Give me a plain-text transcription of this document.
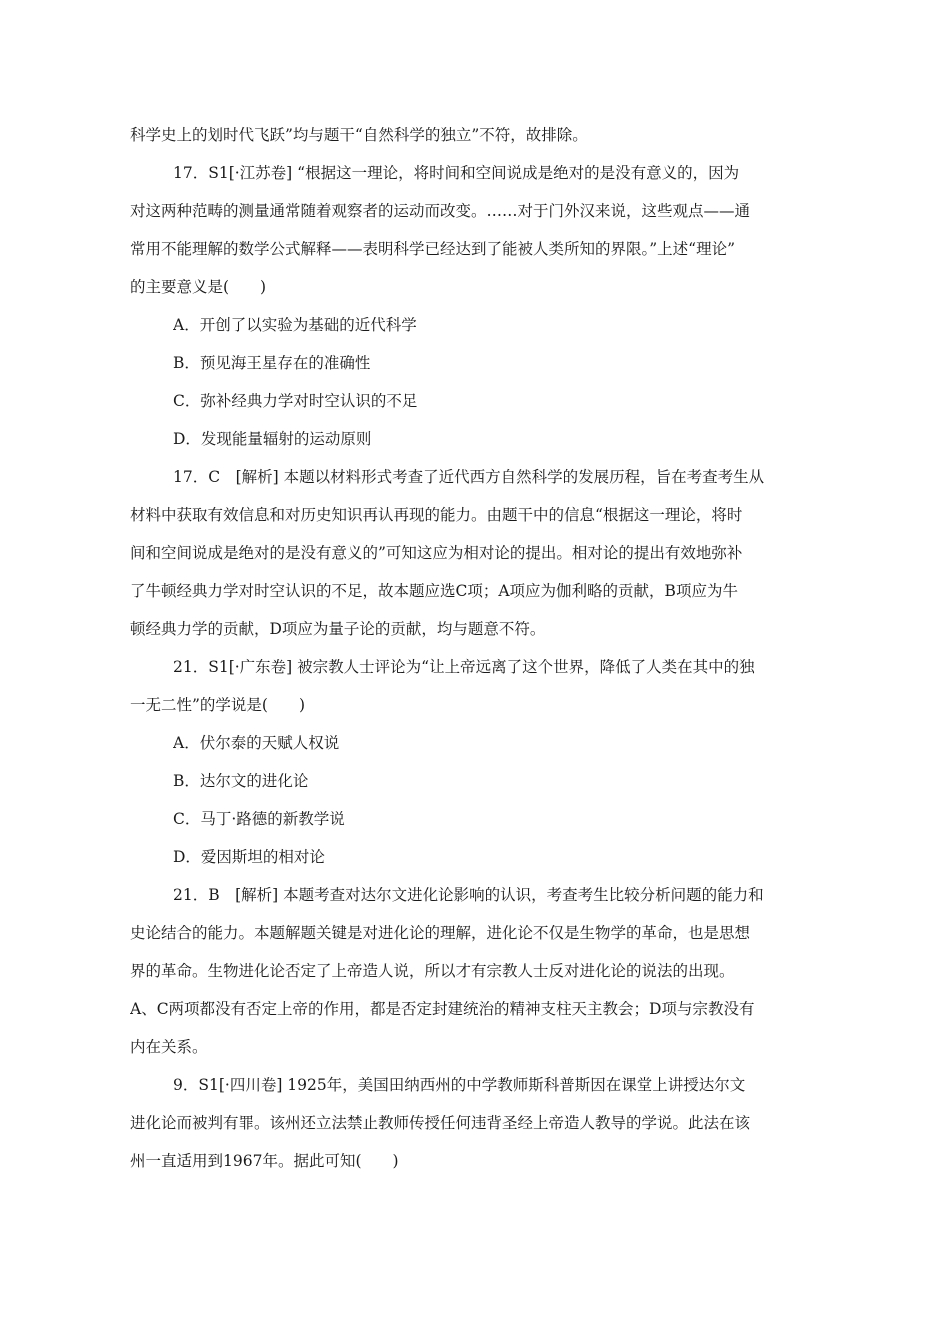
科学史上的划时代飞跃”均与题干“自然科学的独立”不符，故排除。
17．S1[·江苏卷] “根据这一理论，将时间和空间说成是绝对的是没有意义的，因为
对这两种范畴的测量通常随着观察者的运动而改变。……对于门外汉来说，这些观点——通
常用不能理解的数学公式解释——表明科学已经达到了能被人类所知的界限。”上述“理论”
的主要意义是(　　)
A．开创了以实验为基础的近代科学
B．预见海王星存在的准确性
C．弥补经典力学对时空认识的不足
D．发现能量辐射的运动原则
17．C　[解析] 本题以材料形式考查了近代西方自然科学的发展历程，旨在考查考生从
材料中获取有效信息和对历史知识再认再现的能力。由题干中的信息“根据这一理论，将时
间和空间说成是绝对的是没有意义的”可知这应为相对论的提出。相对论的提出有效地弥补
了牛顿经典力学对时空认识的不足，故本题应选C项；A项应为伽利略的贡献，B项应为牛
顿经典力学的贡献，D项应为量子论的贡献，均与题意不符。
21．S1[·广东卷] 被宗教人士评论为“让上帝远离了这个世界，降低了人类在其中的独
一无二性”的学说是(　　)
A．伏尔泰的天赋人权说
B．达尔文的进化论
C．马丁·路德的新教学说
D．爱因斯坦的相对论
21．B　[解析] 本题考查对达尔文进化论影响的认识，考查考生比较分析问题的能力和
史论结合的能力。本题解题关键是对进化论的理解，进化论不仅是生物学的革命，也是思想
界的革命。生物进化论否定了上帝造人说，所以才有宗教人士反对进化论的说法的出现。
A、C两项都没有否定上帝的作用，都是否定封建统治的精神支柱天主教会；D项与宗教没有
内在关系。
9．S1[·四川卷] 1925年，美国田纳西州的中学教师斯科普斯因在课堂上讲授达尔文
进化论而被判有罪。该州还立法禁止教师传授任何违背圣经上帝造人教导的学说。此法在该
州一直适用到1967年。据此可知(　　)
